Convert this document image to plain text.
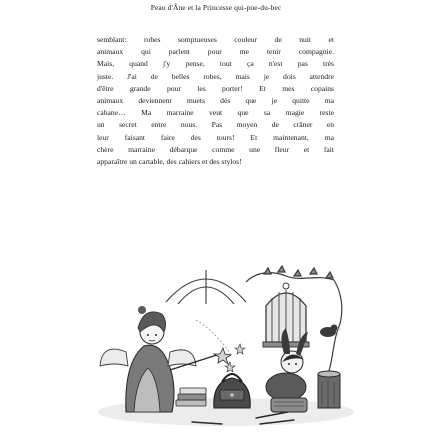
Peau d'Âne et la Princesse qui-pue-du-bec

semblant: robes somptueuses couleur de nuit et
animaux qui parlent pour me tenir compagnie.
Mais, quand j'y pense, tout ça n'est pas très
juste. J'ai de belles robes, mais je dois attendre
d'être grande pour les porter! Et mes copains
animaux deviennent muets dès que je quitte ma
cabane… Ma marraine veut que sa magie reste
un secret entre nous. Pas moyen de crâner en
leur faisant faire des tours! Et maintenant, ma
chère marraine débarque comme une fleur et fait
apparaître un cartable, des cahiers et des stylos!
